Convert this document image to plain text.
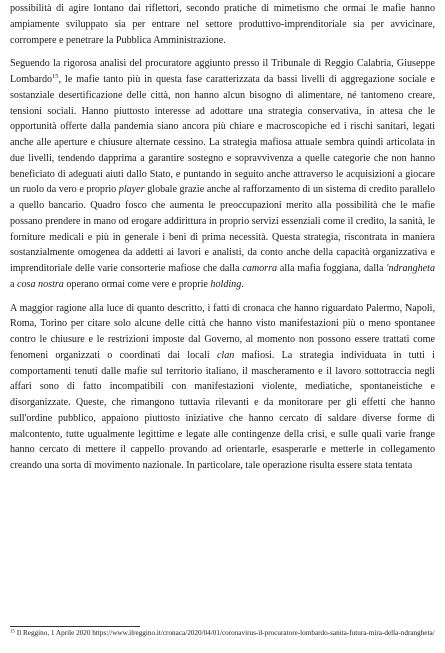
possibilità di agire lontano dai riflettori, secondo pratiche di mimetismo che ormai le mafie hanno ampiamente sviluppato sia per entrare nel settore produttivo-imprenditoriale sia per avvicinare, corrompere e penetrare la Pubblica Amministrazione.

Seguendo la rigorosa analisi del procuratore aggiunto presso il Tribunale di Reggio Calabria, Giuseppe Lombardo$^{15}$, le mafie tanto più in questa fase caratterizzata da bassi livelli di aggregazione sociale e sostanziale desertificazione delle città, non hanno alcun bisogno di alimentare, né tantomeno creare, tensioni sociali. Hanno piuttosto interesse ad adottare una strategia conservativa, in attesa che le opportunità offerte dalla pandemia siano ancora più chiare e macroscopiche ed i rischi sanitari, legati anche alle aperture e chiusure alternate cessino. La strategia mafiosa attuale sembra quindi articolata in due livelli, tendendo dapprima a garantire sostegno e sopravvivenza a quelle categorie che non hanno beneficiato di adeguati aiuti dallo Stato, e puntando in seguito anche attraverso le acquisizioni a giocare un ruolo da vero e proprio player globale grazie anche al rafforzamento di un sistema di credito parallelo a quello bancario. Quadro fosco che aumenta le preoccupazioni merito alla possibilità che le mafie possano prendere in mano od erogare addirittura in proprio servizi essenziali come il credito, la sanità, le forniture medicali e più in generale i beni di prima necessità. Questa strategia, riscontrata in maniera sostanzialmente omogenea da addetti ai lavori e analisti, da conto anche della capacità organizzativa e imprenditoriale delle varie consorterie mafiose che dalla camorra alla mafia foggiana, dalla 'ndrangheta a cosa nostra operano ormai come vere e proprie holding.

A maggior ragione alla luce di quanto descritto, i fatti di cronaca che hanno riguardato Palermo, Napoli, Roma, Torino per citare solo alcune delle città che hanno visto manifestazioni più o meno spontanee contro le chiusure e le restrizioni imposte dal Governo, al momento non possono essere trattati come fenomeni organizzati o coordinati dai locali clan mafiosi. La strategia individuata in tutti i comportamenti tenuti dalle mafie sul territorio italiano, il mascheramento e il lavoro sottotraccia negli affari sono di fatto incompatibili con manifestazioni violente, mediatiche, spontaneistiche e disorganizzate. Queste, che rimangono tuttavia rilevanti e da monitorare per gli effetti che hanno sull'ordine pubblico, appaiono piuttosto iniziative che hanno cercato di saldare diverse forme di malcontento, tutte ugualmente legittime e legate alle contingenze della crisi, e sulle quali varie frange hanno cercato di mettere il cappello provando ad orientarle, esasperarle e metterle in collegamento creando una sorta di movimento nazionale. In particolare, tale operazione risulta essere stata tentata

$^{15}$ Il Reggino, 1 Aprile 2020 https://www.ilreggino.it/cronaca/2020/04/01/coronavirus-il-procuratore-lombardo-sanita-futura-mira-della-ndrangheta/
